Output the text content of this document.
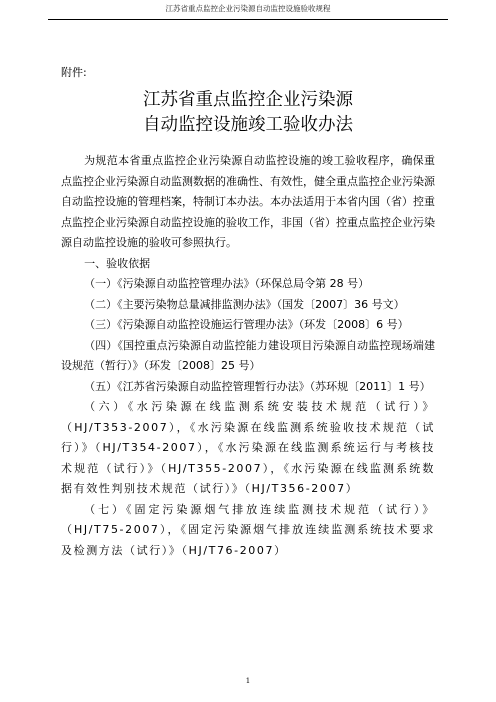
江苏省重点监控企业污染源自动监控设施验收规程

附件:

江苏省重点监控企业污染源
自动监控设施竣工验收办法

为规范本省重点监控企业污染源自动监控设施的竣工验收程序，确保重点监控企业污染源自动监测数据的准确性、有效性，健全重点监控企业污染源自动监控设施的管理档案，特制订本办法。本办法适用于本省内国（省）控重点监控企业污染源自动监控设施的验收工作，非国（省）控重点监控企业污染源自动监控设施的验收可参照执行。

一、验收依据

（一）《污染源自动监控管理办法》（环保总局令第 28 号）

（二）《主要污染物总量减排监测办法》（国发〔2007〕36 号文）

（三）《污染源自动监控设施运行管理办法》（环发〔2008〕6 号）

（四）《国控重点污染源自动监控能力建设项目污染源自动监控现场端建设规范（暂行）》（环发〔2008〕25 号）

（五）《江苏省污染源自动监控管理暂行办法》（苏环规〔2011〕1 号）

（六）《水污染源在线监测系统安装技术规范（试行）》（HJ/T353-2007），《水污染源在线监测系统验收技术规范（试行）》（HJ/T354-2007），《水污染源在线监测系统运行与考核技术规范（试行）》（HJ/T355-2007），《水污染源在线监测系统数据有效性判别技术规范（试行）》（HJ/T356-2007）

（七）《固定污染源烟气排放连续监测技术规范（试行）》（HJ/T75-2007），《固定污染源烟气排放连续监测系统技术要求及检测方法（试行）》（HJ/T76-2007）

1
